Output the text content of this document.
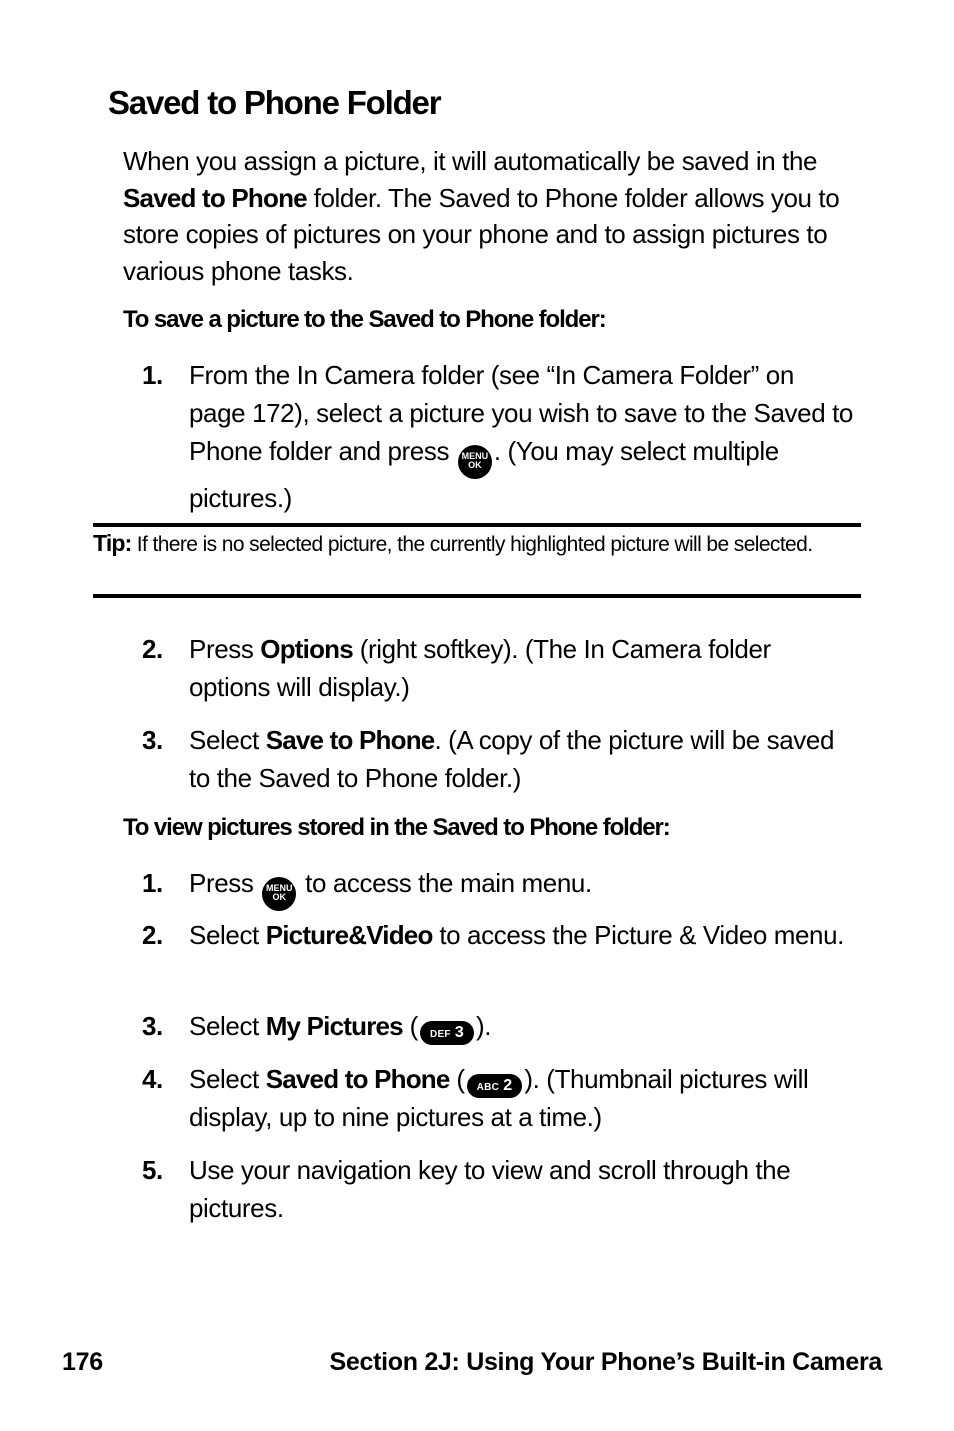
Saved to Phone Folder

When you assign a picture, it will automatically be saved in the Saved to Phone folder. The Saved to Phone folder allows you to store copies of pictures on your phone and to assign pictures to various phone tasks.

To save a picture to the Saved to Phone folder:

1.	From the In Camera folder (see “In Camera Folder” on page 172), select a picture you wish to save to the Saved to Phone folder and press MENU
OK . (You may select multiple pictures.)
Tip: If there is no selected picture, the currently highlighted picture will be selected.
2.	Press Options (right softkey). (The In Camera folder options will display.)
3.	Select Save to Phone. (A copy of the picture will be saved to the Saved to Phone folder.)

To view pictures stored in the Saved to Phone folder:

1.	Press MENU
OK to access the main menu.
2.	Select Picture&Video to access the Picture & Video menu.
3.	Select My Pictures ( DEF 3 ).
4.	Select Saved to Phone ( ABC 2 ). (Thumbnail pictures will display, up to nine pictures at a time.)
5.	Use your navigation key to view and scroll through the pictures.
176	Section 2J: Using Your Phone’s Built-in Camera
